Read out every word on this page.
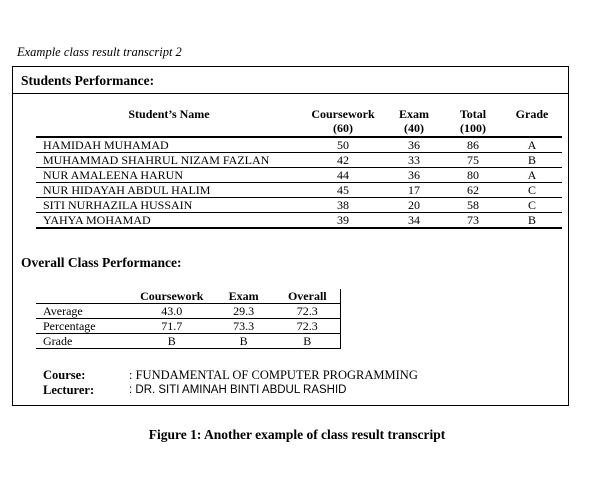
Example class result transcript 2
Students Performance:
Student’s Name	Coursework	Exam	Total	Grade
	(60)	(40)	(100)	
HAMIDAH MUHAMAD	50	36	86	A
MUHAMMAD SHAHRUL NIZAM FAZLAN	42	33	75	B
NUR AMALEENA HARUN	44	36	80	A
NUR HIDAYAH ABDUL HALIM	45	17	62	C
SITI NURHAZILA HUSSAIN	38	20	58	C
YAHYA MOHAMAD	39	34	73	B
Overall Class Performance:
	Coursework	Exam	Overall
Average	43.0	29.3	72.3
Percentage	71.7	73.3	72.3
Grade	B	B	B
Course:	: FUNDAMENTAL OF COMPUTER PROGRAMMING
Lecturer:	: DR. SITI AMINAH BINTI ABDUL RASHID
Figure 1: Another example of class result transcript
